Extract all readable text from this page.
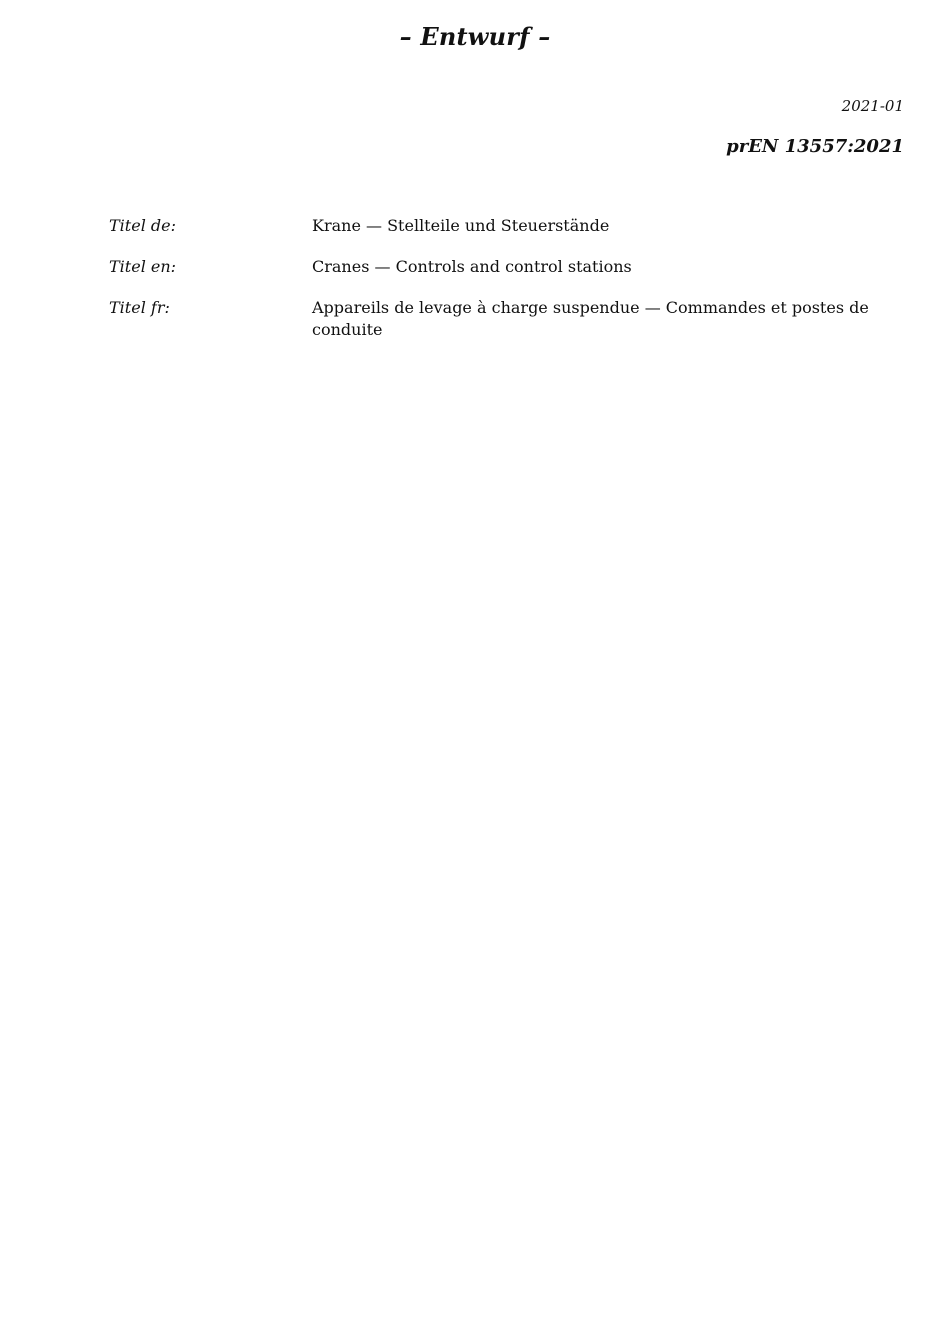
– Entwurf –
2021-01
prEN 13557:2021
Titel de:	Krane — Stellteile und Steuerstände
Titel en:	Cranes — Controls and control stations
Titel fr:	Appareils de levage à charge suspendue — Commandes et postes de conduite
